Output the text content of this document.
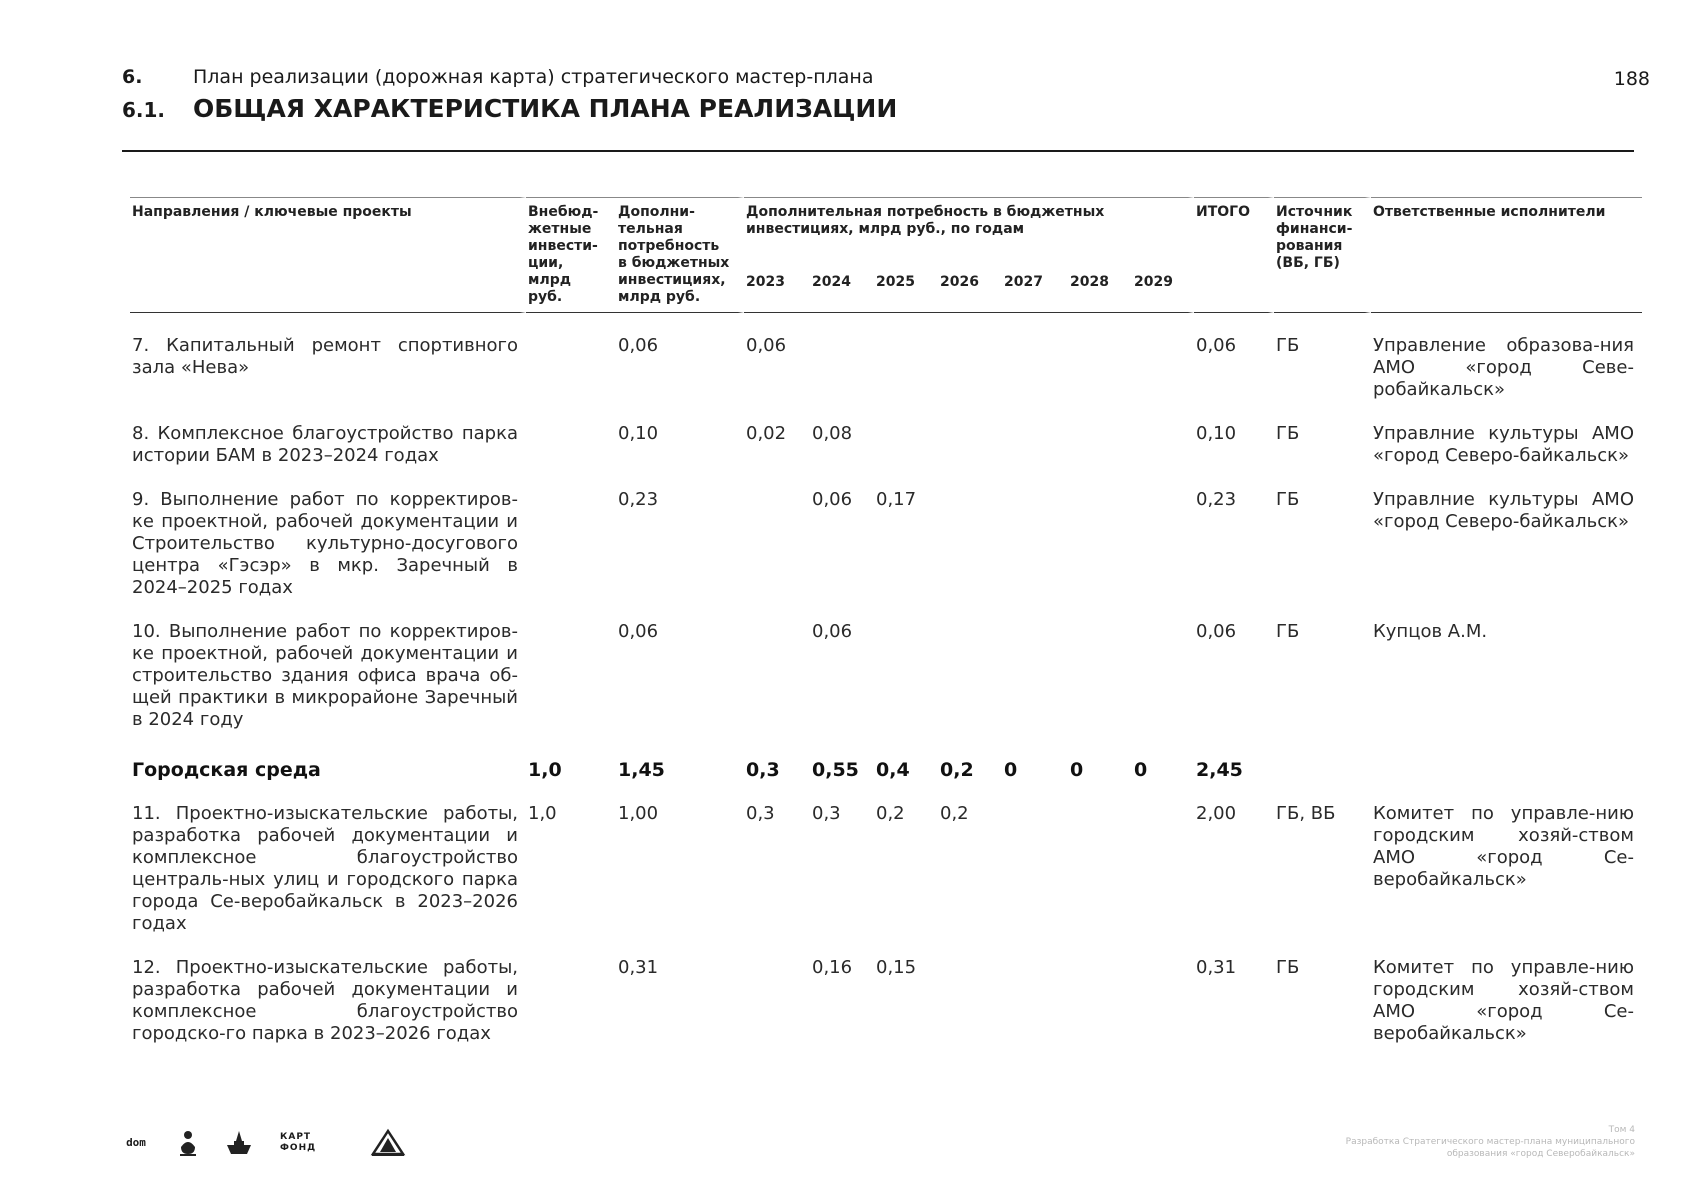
6.	План реализации (дорожная карта) стратегического мастер-плана
6.1.	ОБЩАЯ ХАРАКТЕРИСТИКА ПЛАНА РЕАЛИЗАЦИИ
188
Направления / ключевые проекты	Внебюд-жетные инвести-ции, млрд руб.	Дополни-тельная потребность в бюджетных инвестициях, млрд руб.	Дополнительная потребность в бюджетных инвестициях, млрд руб., по годам							ИТОГО	Источник финанси-рования (ВБ, ГБ)	Ответственные исполнители
			2023	2024	2025	2026	2027	2028	2029			
7. Капитальный ремонт спортивного зала «Нева»		0,06	0,06							0,06	ГБ	Управление образова-ния АМО «город Севе-робайкальск»
8. Комплексное благоустройство парка истории БАМ в 2023–2024 годах		0,10	0,02	0,08						0,10	ГБ	Управлние культуры АМО «город Северо-байкальск»
9. Выполнение работ по корректиров-ке проектной, рабочей документации и Строительство культурно-досугового центра «Гэсэр» в мкр. Заречный в 2024–2025 годах		0,23		0,06	0,17					0,23	ГБ	Управлние культуры АМО «город Северо-байкальск»
10. Выполнение работ по корректиров-ке проектной, рабочей документации и строительство здания офиса врача об-щей практики в микрорайоне Заречный в 2024 году		0,06		0,06						0,06	ГБ	Купцов А.М.
Городская среда	1,0	1,45	0,3	0,55	0,4	0,2	0	0	0	2,45		
11. Проектно-изыскательские работы, разработка рабочей документации и комплексное благоустройство централь-ных улиц и городского парка города Се-веробайкальск в 2023–2026 годах	1,0	1,00	0,3	0,3	0,2	0,2				2,00	ГБ, ВБ	Комитет по управле-нию городским хозяй-ством АМО «город Се-веробайкальск»
12. Проектно-изыскательские работы, разработка рабочей документации и комплексное благоустройство городско-го парка в 2023–2026 годах		0,31		0,16	0,15					0,31	ГБ	Комитет по управле-нию городским хозяй-ством АМО «город Се-веробайкальск»
dom	КАРТ ФОНД
Том 4
Разработка Стратегического мастер-плана муниципального
образования «город Северобайкальск»
